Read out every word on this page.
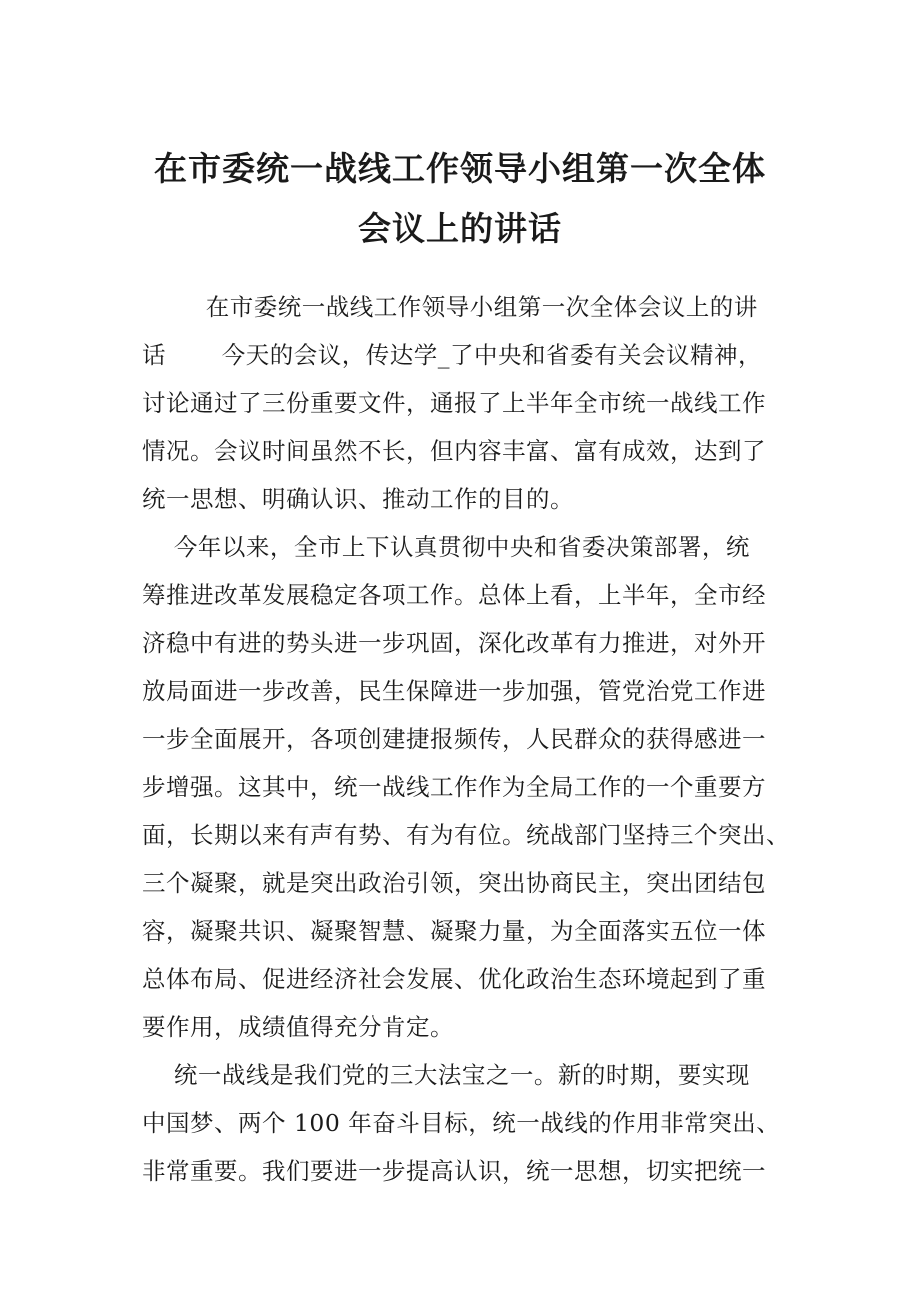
在市委统一战线工作领导小组第一次全体
会议上的讲话
在市委统一战线工作领导小组第一次全体会议上的讲
话       今天的会议，传达学_了中央和省委有关会议精神，
讨论通过了三份重要文件，通报了上半年全市统一战线工作
情况。会议时间虽然不长，但内容丰富、富有成效，达到了
统一思想、明确认识、推动工作的目的。
今年以来，全市上下认真贯彻中央和省委决策部署，统
筹推进改革发展稳定各项工作。总体上看，上半年，全市经
济稳中有进的势头进一步巩固，深化改革有力推进，对外开
放局面进一步改善，民生保障进一步加强，管党治党工作进
一步全面展开，各项创建捷报频传，人民群众的获得感进一
步增强。这其中，统一战线工作作为全局工作的一个重要方
面，长期以来有声有势、有为有位。统战部门坚持三个突出、
三个凝聚，就是突出政治引领，突出协商民主，突出团结包
容，凝聚共识、凝聚智慧、凝聚力量，为全面落实五位一体
总体布局、促进经济社会发展、优化政治生态环境起到了重
要作用，成绩值得充分肯定。
统一战线是我们党的三大法宝之一。新的时期，要实现
中国梦、两个 100 年奋斗目标，统一战线的作用非常突出、
非常重要。我们要进一步提高认识，统一思想，切实把统一
